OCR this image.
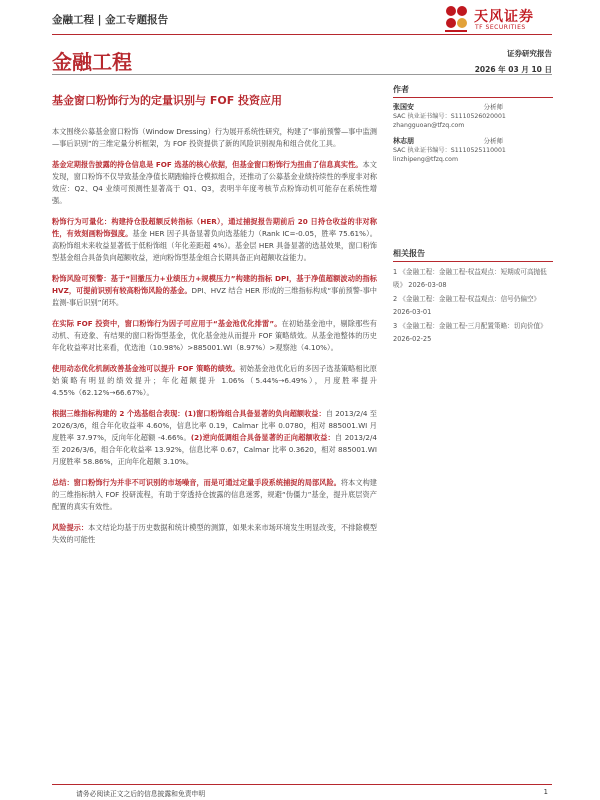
金融工程 | 金工专题报告	天风证券
TF SECURITIES
金融工程	证券研究报告
2026 年 03 月 10 日
基金窗口粉饰行为的定量识别与 FOF 投资应用

本文围绕公募基金窗口粉饰（Window Dressing）行为展开系统性研究，构建了“事前预警—事中监测—事后识别”的三维定量分析框架，为 FOF 投资提供了新的风险识别视角和组合优化工具。

基金定期报告披露的持仓信息是 FOF 选基的核心依据，但基金窗口粉饰行为扭曲了信息真实性。本文发现，窗口粉饰不仅导致基金净值长期跑输持仓模拟组合，还推动了公募基金业绩持续性的季度非对称效应：Q2、Q4 业绩可预测性显著高于 Q1、Q3，表明半年度考核节点粉饰动机可能存在系统性增强。

粉饰行为可量化：构建持仓股超额反转指标（HER），通过捕捉报告期前后 20 日持仓收益的非对称性，有效刻画粉饰强度。基金 HER 因子具备显著负向选基能力（Rank IC=-0.05，胜率 75.61%）。高粉饰组未来收益显著低于低粉饰组（年化差距超 4%）。基金层 HER 具备显著的选基效果，窗口粉饰型基金组合具备负向超额收益，逆向粉饰型基金组合长期具备正向超额收益能力。

粉饰风险可预警：基于“回撤压力+业绩压力+规模压力”构建的指标 DPI，基于净值超额波动的指标 HVZ，可提前识别有较高粉饰风险的基金。DPI、HVZ 结合 HER 形成的三维指标构成“事前预警-事中监测-事后识别”闭环。

在实际 FOF 投资中，窗口粉饰行为因子可应用于“基金池优化排雷”。在初始基金池中，剔除那些有动机、有迹象、有结果的窗口粉饰型基金，优化基金池从而提升 FOF 策略绩效。从基金池整体的历史年化收益率对比来看，优选池（10.98%）>885001.WI（8.97%）>观察池（4.10%）。

使用动态优化机制改善基金池可以提升 FOF 策略的绩效。初始基金池优化后的多因子选基策略相比原始策略有明显的绩效提升；年化超额提升 1.06%（5.44%→6.49%），月度胜率提升 4.55%（62.12%→66.67%）。

根据三维指标构建的 2 个选基组合表现：(1)窗口粉饰组合具备显著的负向超额收益：自 2013/2/4 至 2026/3/6，组合年化收益率 4.60%，信息比率 0.19，Calmar 比率 0.0780，相对 885001.WI 月度胜率 37.97%，反向年化超额 -4.66%。(2)逆向低调组合具备显著的正向超额收益：自 2013/2/4 至 2026/3/6，组合年化收益率 13.92%，信息比率 0.67，Calmar 比率 0.3620，相对 885001.WI 月度胜率 58.86%，正向年化超额 3.10%。

总结：窗口粉饰行为并非不可识别的市场噪音，而是可通过定量手段系统捕捉的局部风险。将本文构建的三维指标纳入 FOF 投研流程，有助于穿透持仓披露的信息迷雾，规避“伪僵力”基金，提升底层资产配置的真实有效性。

风险提示：本文结论均基于历史数据和统计模型的测算，如果未来市场环境发生明显改变，不排除模型失效的可能性

作者
张国安	分析师
SAC 执业证书编号：S1110526020001
zhangguoan@tfzq.com
林志朋	分析师
SAC 执业证书编号：S1110525110001
linzhipeng@tfzq.com
相关报告
1 《金融工程：金融工程-权益观点：短期或可高抛低吸》 2026-03-08
2 《金融工程：金融工程-权益观点：信号仍偏空》 2026-03-01
3 《金融工程：金融工程-三月配置策略：切向价值》 2026-02-25
请务必阅读正文之后的信息披露和免责申明	1
